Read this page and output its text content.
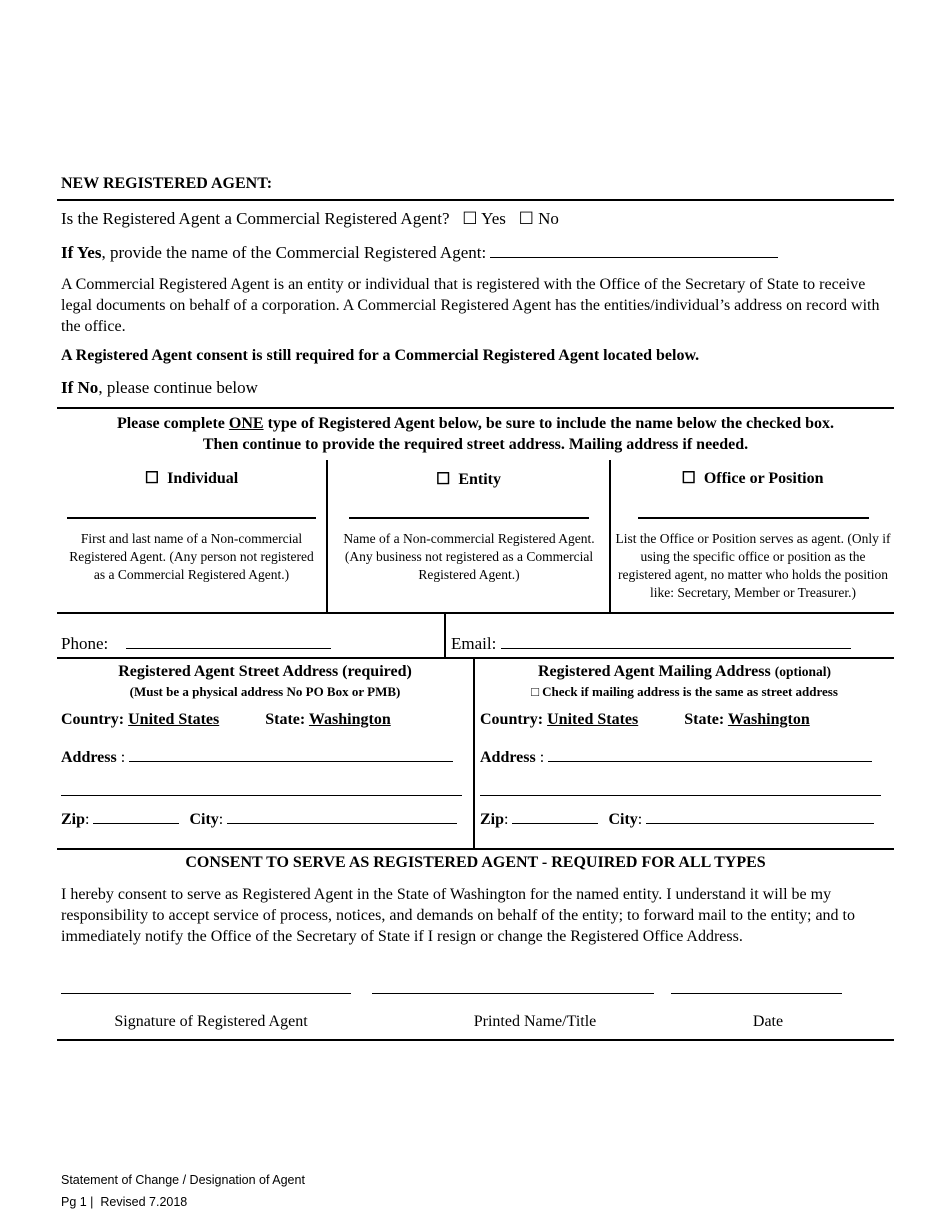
NEW REGISTERED AGENT:
Is the Registered Agent a Commercial Registered Agent? ☐ Yes ☐ No
If Yes, provide the name of the Commercial Registered Agent:
A Commercial Registered Agent is an entity or individual that is registered with the Office of the Secretary of State to receive legal documents on behalf of a corporation. A Commercial Registered Agent has the entities/individual’s address on record with the office.
A Registered Agent consent is still required for a Commercial Registered Agent located below.
If No, please continue below
Please complete ONE type of Registered Agent below, be sure to include the name below the checked box.
Then continue to provide the required street address. Mailing address if needed.
☐ Individual
First and last name of a Non-commercial Registered Agent. (Any person not registered as a Commercial Registered Agent.)
☐ Entity
Name of a Non-commercial Registered Agent. (Any business not registered as a Commercial Registered Agent.)
☐ Office or Position
List the Office or Position serves as agent. (Only if using the specific office or position as the registered agent, no matter who holds the position like: Secretary, Member or Treasurer.)
Phone:	Email:
Registered Agent Street Address (required)
(Must be a physical address No PO Box or PMB)
Country: United States	State: Washington
Address :
Zip:	City:
Registered Agent Mailing Address (optional)
□ Check if mailing address is the same as street address
Country: United States	State: Washington
Address :
Zip:	City:
CONSENT TO SERVE AS REGISTERED AGENT - REQUIRED FOR ALL TYPES
I hereby consent to serve as Registered Agent in the State of Washington for the named entity. I understand it will be my responsibility to accept service of process, notices, and demands on behalf of the entity; to forward mail to the entity; and to immediately notify the Office of the Secretary of State if I resign or change the Registered Office Address.
Signature of Registered Agent	Printed Name/Title	Date
Statement of Change / Designation of Agent
Pg 1 |  Revised 7.2018
